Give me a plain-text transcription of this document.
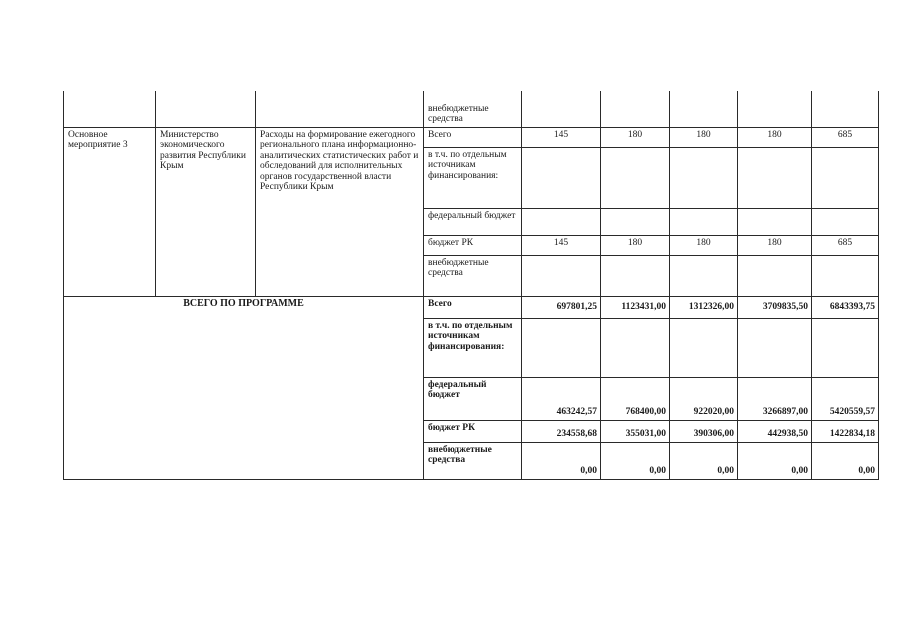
			внебюджетные средства					
Основное мероприятие 3	Министерство экономического развития Республики Крым	Расходы на формирование ежегодного регионального плана информационно-аналитических статистических работ и обследований для исполнительных органов государственной власти Республики Крым	Всего	145	180	180	180	685
			в т.ч. по отдельным источникам финансирования:					
			федеральный бюджет					
			бюджет РК	145	180	180	180	685
			внебюджетные средства					
ВСЕГО ПО ПРОГРАММЕ			Всего	697801,25	1123431,00	1312326,00	3709835,50	6843393,75
			в т.ч. по отдельным источникам финансирования:					
			федеральный бюджет	463242,57	768400,00	922020,00	3266897,00	5420559,57
			бюджет РК	234558,68	355031,00	390306,00	442938,50	1422834,18
			внебюджетные средства	0,00	0,00	0,00	0,00	0,00
